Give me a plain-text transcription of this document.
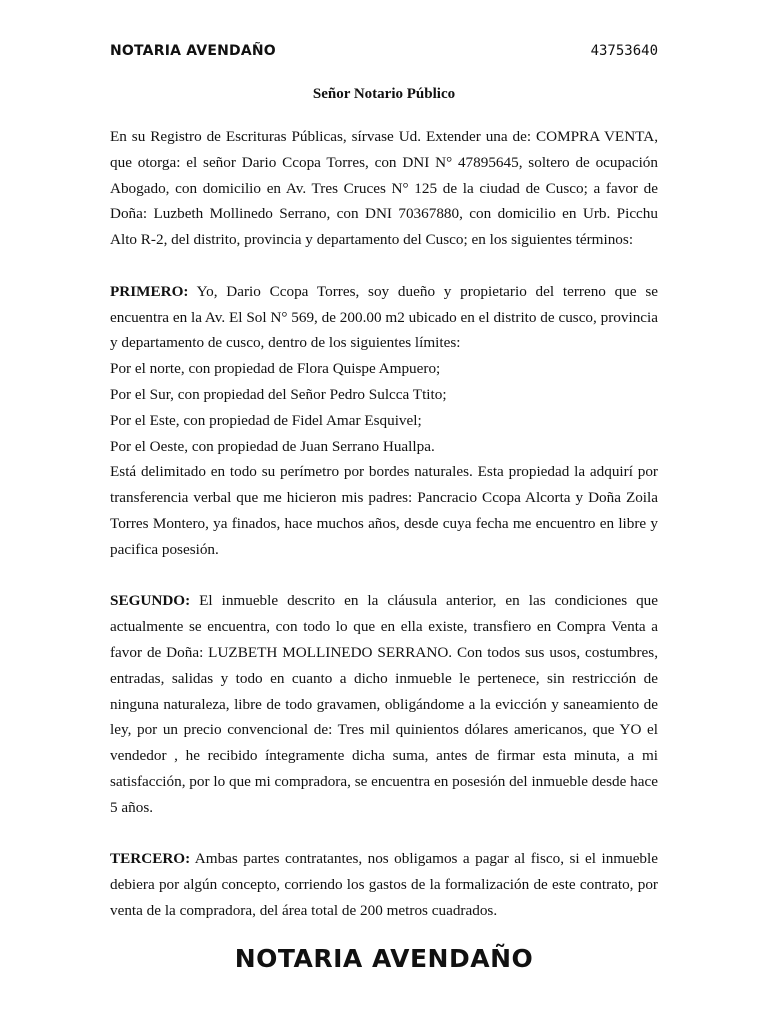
NOTARIA AVENDAÑO	43753640
Señor Notario Público

En su Registro de Escrituras Públicas, sírvase Ud. Extender una de: COMPRA VENTA, que otorga: el señor Dario Ccopa Torres, con DNI N° 47895645, soltero de ocupación Abogado, con domicilio en Av. Tres Cruces N° 125 de la ciudad de Cusco; a favor de Doña: Luzbeth Mollinedo Serrano, con DNI 70367880, con domicilio en Urb. Picchu Alto R-2, del distrito, provincia y departamento del Cusco; en los siguientes términos:

PRIMERO: Yo, Dario Ccopa Torres, soy dueño y propietario del terreno que se encuentra en la Av. El Sol N° 569, de 200.00 m2 ubicado en el distrito de cusco, provincia y departamento de cusco, dentro de los siguientes límites:

Por el norte, con propiedad de Flora Quispe Ampuero;

Por el Sur, con propiedad del Señor Pedro Sulcca Ttito;

Por el Este, con propiedad de Fidel Amar Esquivel;

Por el Oeste, con propiedad de Juan Serrano Huallpa.

Está delimitado en todo su perímetro por bordes naturales. Esta propiedad la adquirí por transferencia verbal que me hicieron mis padres: Pancracio Ccopa Alcorta y Doña Zoila Torres Montero, ya finados, hace muchos años, desde cuya fecha me encuentro en libre y pacifica posesión.

SEGUNDO: El inmueble descrito en la cláusula anterior, en las condiciones que actualmente se encuentra, con todo lo que en ella existe, transfiero en Compra Venta a favor de Doña: LUZBETH MOLLINEDO SERRANO. Con todos sus usos, costumbres, entradas, salidas y todo en cuanto a dicho inmueble le pertenece, sin restricción de ninguna naturaleza, libre de todo gravamen, obligándome a la evicción y saneamiento de ley, por un precio convencional de: Tres mil quinientos dólares americanos, que YO el vendedor , he recibido íntegramente dicha suma, antes de firmar esta minuta, a mi satisfacción, por lo que mi compradora, se encuentra en posesión del inmueble desde hace 5 años.

TERCERO: Ambas partes contratantes, nos obligamos a pagar al fisco, si el inmueble debiera por algún concepto, corriendo los gastos de la formalización de este contrato, por venta de la compradora, del área total de 200 metros cuadrados.

NOTARIA AVENDAÑO
